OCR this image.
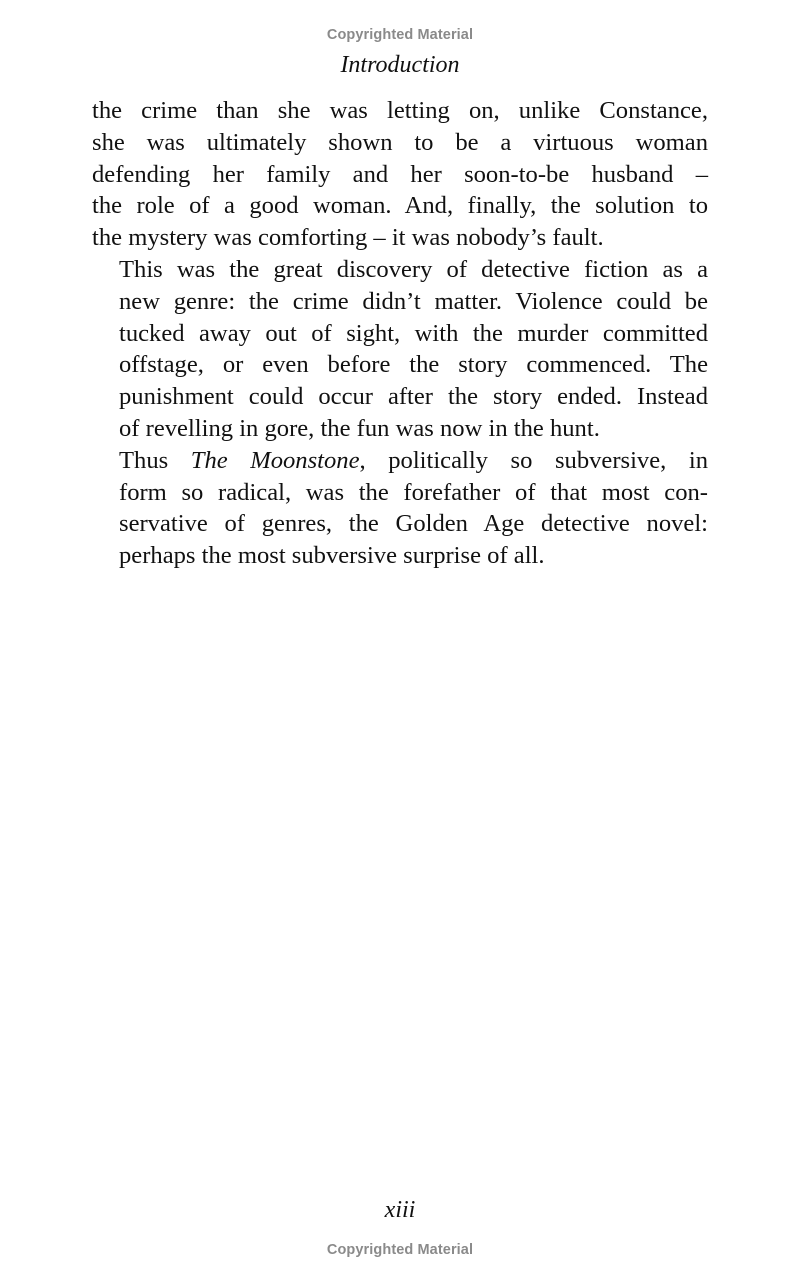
Copyrighted Material
Introduction

the crime than she was letting on, unlike Constance,
she was ultimately shown to be a virtuous woman
defending her family and her soon-to-be husband –
the role of a good woman. And, finally, the solution to
the mystery was comforting – it was nobody’s fault.

This was the great discovery of detective fiction as a
new genre: the crime didn’t matter. Violence could be
tucked away out of sight, with the murder committed
offstage, or even before the story commenced. The
punishment could occur after the story ended. Instead
of revelling in gore, the fun was now in the hunt.

Thus The Moonstone, politically so subversive, in
form so radical, was the forefather of that most con-
servative of genres, the Golden Age detective novel:
perhaps the most subversive surprise of all.

xiii
Copyrighted Material
